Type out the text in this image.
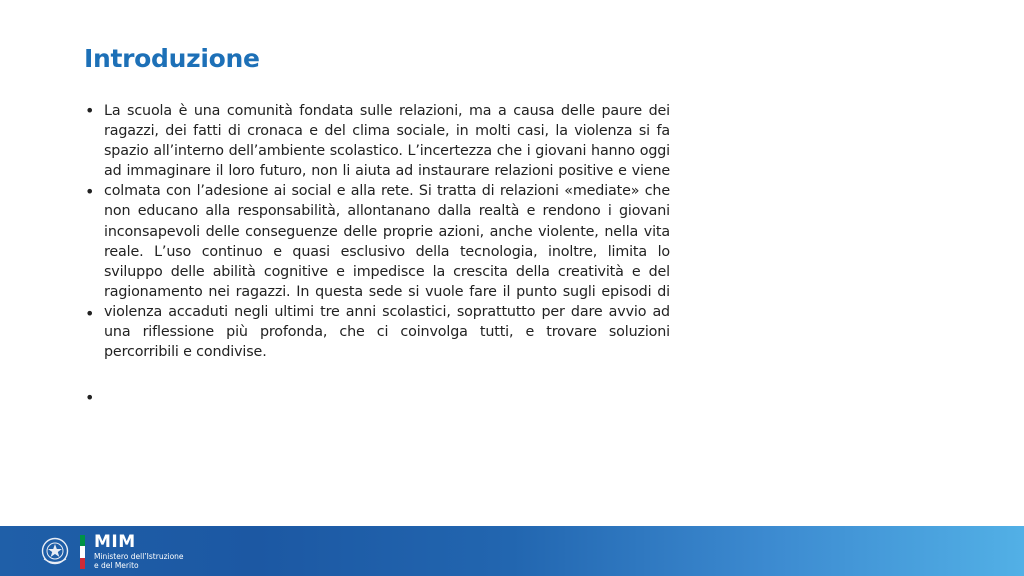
Introduzione
•
•
•
•

La scuola è una comunità fondata sulle relazioni, ma a causa delle paure dei ragazzi, dei fatti di cronaca e del clima sociale, in molti casi, la violenza si fa spazio all’interno dell’ambiente scolastico. L’incertezza che i giovani hanno oggi ad immaginare il loro futuro, non li aiuta ad instaurare relazioni positive e viene colmata con l’adesione ai social e alla rete. Si tratta di relazioni «mediate» che non educano alla responsabilità, allontanano dalla realtà e rendono i giovani inconsapevoli delle conseguenze delle proprie azioni, anche violente, nella vita reale. L’uso continuo e quasi esclusivo della tecnologia, inoltre, limita lo sviluppo delle abilità cognitive e impedisce la crescita della creatività e del ragionamento nei ragazzi. In questa sede si vuole fare il punto sugli episodi di violenza accaduti negli ultimi tre anni scolastici, soprattutto per dare avvio ad una riflessione più profonda, che ci coinvolga tutti, e trovare soluzioni percorribili e condivise.

MIM
Ministero dell’Istruzione
e del Merito
